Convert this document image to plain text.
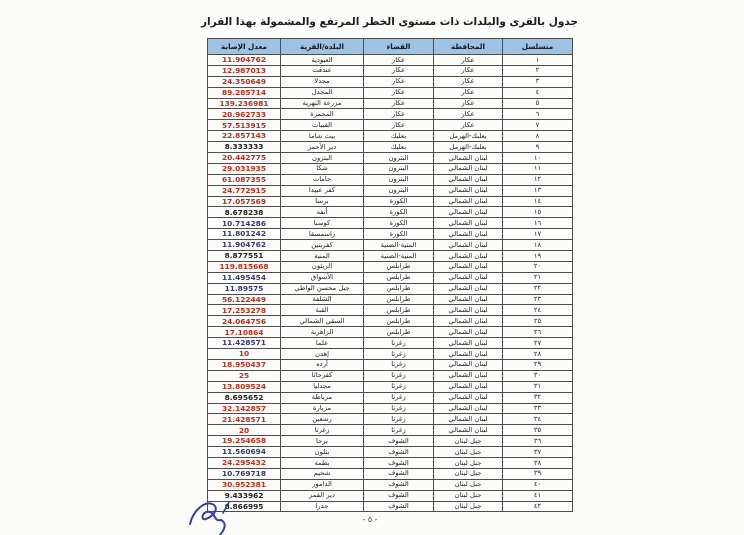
جدول بالقرى والبلدات ذات مستوى الخطر المرتفع والمشمولة بهذا القرار
متسلسل	المحافظة	القضاء	البلدة/القرية	معدل الإصابة
١	عكار	عكار	العبودية	11.904762
٢	عكار	عكار	عندقت	12.987013
٣	عكار	عكار	مجدلا	24.350649
٤	عكار	عكار	المجدل	89.285714
٥	عكار	عكار	مزرعة النهرية	139.236981
٦	عكار	عكار	المحمرة	20.962733
٧	عكار	عكار	القبيات	57.513915
٨	بعلبك-الهرمل	بعلبك	بيت شاما	22.857143
٩	بعلبك-الهرمل	بعلبك	دير الأحمر	8.333333
١٠	لبنان الشمالي	البترون	البترون	20.442775
١١	لبنان الشمالي	البترون	شكا	29.031935
١٢	لبنان الشمالي	البترون	حامات	61.087355
١٣	لبنان الشمالي	البترون	كفر عبيدا	24.772915
١٤	لبنان الشمالي	الكورة	برسا	17.057569
١٥	لبنان الشمالي	الكورة	أنفه	8.678238
١٦	لبنان الشمالي	الكورة	كوسبا	10.714286
١٧	لبنان الشمالي	الكورة	راسمسقا	11.801242
١٨	لبنان الشمالي	المنية-الضنية	كفربنين	11.904762
١٩	لبنان الشمالي	المنية-الضنية	المنية	8.877551
٢٠	لبنان الشمالي	طرابلس	الزيتون	119.815668
٢١	لبنان الشمالي	طرابلس	الأسواق	11.495454
٢٢	لبنان الشمالي	طرابلس	جبل محسن الواطي	11.89575
٢٣	لبنان الشمالي	طرابلس	الشلفة	56.122449
٢٤	لبنان الشمالي	طرابلس	القبة	17.253278
٢٥	لبنان الشمالي	طرابلس	السقي الشمالي	24.064756
٢٦	لبنان الشمالي	طرابلس	الزاهرية	17.10864
٢٧	لبنان الشمالي	زغرتا	علما	11.428571
٢٨	لبنان الشمالي	زغرتا	إهدن	10
٢٩	لبنان الشمالي	زغرتا	أرده	18.950437
٣٠	لبنان الشمالي	زغرتا	كفرحاتا	25
٣١	لبنان الشمالي	زغرتا	مجدليا	13.809524
٣٢	لبنان الشمالي	زغرتا	مرياطة	8.695652
٣٣	لبنان الشمالي	زغرتا	مزيارة	32.142857
٣٤	لبنان الشمالي	زغرتا	رشعين	21.428571
٣٥	لبنان الشمالي	زغرتا	زغرتا	20
٣٦	جبل لبنان	الشوف	برجا	19.254658
٣٧	جبل لبنان	الشوف	بتلون	11.560694
٣٨	جبل لبنان	الشوف	بطمة	24.295432
٣٩	جبل لبنان	الشوف	شحيم	10.769718
٤٠	جبل لبنان	الشوف	الدامور	30.952381
٤١	جبل لبنان	الشوف	دير القمر	9.433962
٤٢	جبل لبنان	الشوف	جدرا	8.866995
- ٥ -
